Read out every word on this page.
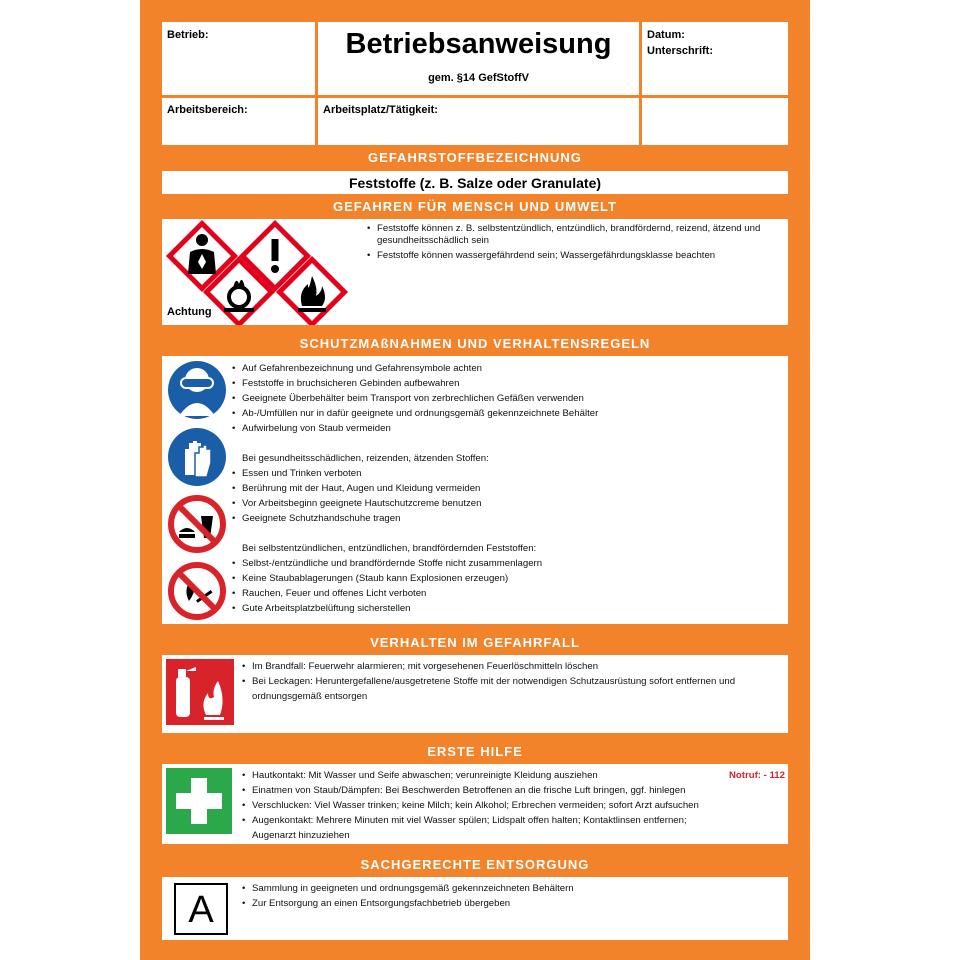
Betrieb:	Betriebsanweisung
gem. §14 GefStoffV
Datum:
Unterschrift:
Arbeitsbereich:	Arbeitsplatz/Tätigkeit:
GEFAHRSTOFFBEZEICHNUNG
Feststoffe (z. B. Salze oder Granulate)
GEFAHREN FÜR MENSCH UND UMWELT
Achtung
• Feststoffe können z. B. selbstentzündlich, entzündlich, brandfördernd, reizend, ätzend und gesundheitsschädlich sein
• Feststoffe können wassergefährdend sein; Wassergefährdungsklasse beachten
SCHUTZMAßNAHMEN UND VERHALTENSREGELN
• Auf Gefahrenbezeichnung und Gefahrensymbole achten
• Feststoffe in bruchsicheren Gebinden aufbewahren
• Geeignete Überbehälter beim Transport von zerbrechlichen Gefäßen verwenden
• Ab-/Umfüllen nur in dafür geeignete und ordnungsgemäß gekennzeichnete Behälter
• Aufwirbelung von Staub vermeiden
Bei gesundheitsschädlichen, reizenden, ätzenden Stoffen:
• Essen und Trinken verboten
• Berührung mit der Haut, Augen und Kleidung vermeiden
• Vor Arbeitsbeginn geeignete Hautschutzcreme benutzen
• Geeignete Schutzhandschuhe tragen
Bei selbstentzündlichen, entzündlichen, brandfördernden Feststoffen:
• Selbst-/entzündliche und brandfördernde Stoffe nicht zusammenlagern
• Keine Staubablagerungen (Staub kann Explosionen erzeugen)
• Rauchen, Feuer und offenes Licht verboten
• Gute Arbeitsplatzbelüftung sicherstellen
VERHALTEN IM GEFAHRFALL
• Im Brandfall: Feuerwehr alarmieren; mit vorgesehenen Feuerlöschmitteln löschen
• Bei Leckagen: Heruntergefallene/ausgetretene Stoffe mit der notwendigen Schutzausrüstung sofort entfernen und ordnungsgemäß entsorgen
ERSTE HILFE
Notruf: - 112
• Hautkontakt: Mit Wasser und Seife abwaschen; verunreinigte Kleidung ausziehen
• Einatmen von Staub/Dämpfen: Bei Beschwerden Betroffenen an die frische Luft bringen, ggf. hinlegen
• Verschlucken: Viel Wasser trinken; keine Milch; kein Alkohol; Erbrechen vermeiden; sofort Arzt aufsuchen
• Augenkontakt: Mehrere Minuten mit viel Wasser spülen; Lidspalt offen halten; Kontaktlinsen entfernen; Augenarzt hinzuziehen
SACHGERECHTE ENTSORGUNG
A
• Sammlung in geeigneten und ordnungsgemäß gekennzeichneten Behältern
• Zur Entsorgung an einen Entsorgungsfachbetrieb übergeben
